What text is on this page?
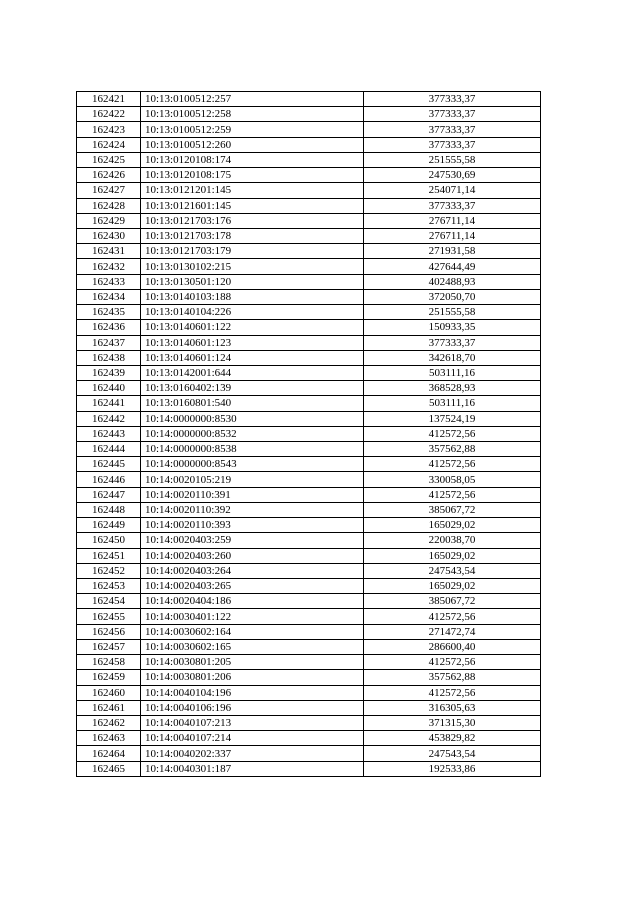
162421	10:13:0100512:257	377333,37
162422	10:13:0100512:258	377333,37
162423	10:13:0100512:259	377333,37
162424	10:13:0100512:260	377333,37
162425	10:13:0120108:174	251555,58
162426	10:13:0120108:175	247530,69
162427	10:13:0121201:145	254071,14
162428	10:13:0121601:145	377333,37
162429	10:13:0121703:176	276711,14
162430	10:13:0121703:178	276711,14
162431	10:13:0121703:179	271931,58
162432	10:13:0130102:215	427644,49
162433	10:13:0130501:120	402488,93
162434	10:13:0140103:188	372050,70
162435	10:13:0140104:226	251555,58
162436	10:13:0140601:122	150933,35
162437	10:13:0140601:123	377333,37
162438	10:13:0140601:124	342618,70
162439	10:13:0142001:644	503111,16
162440	10:13:0160402:139	368528,93
162441	10:13:0160801:540	503111,16
162442	10:14:0000000:8530	137524,19
162443	10:14:0000000:8532	412572,56
162444	10:14:0000000:8538	357562,88
162445	10:14:0000000:8543	412572,56
162446	10:14:0020105:219	330058,05
162447	10:14:0020110:391	412572,56
162448	10:14:0020110:392	385067,72
162449	10:14:0020110:393	165029,02
162450	10:14:0020403:259	220038,70
162451	10:14:0020403:260	165029,02
162452	10:14:0020403:264	247543,54
162453	10:14:0020403:265	165029,02
162454	10:14:0020404:186	385067,72
162455	10:14:0030401:122	412572,56
162456	10:14:0030602:164	271472,74
162457	10:14:0030602:165	286600,40
162458	10:14:0030801:205	412572,56
162459	10:14:0030801:206	357562,88
162460	10:14:0040104:196	412572,56
162461	10:14:0040106:196	316305,63
162462	10:14:0040107:213	371315,30
162463	10:14:0040107:214	453829,82
162464	10:14:0040202:337	247543,54
162465	10:14:0040301:187	192533,86
